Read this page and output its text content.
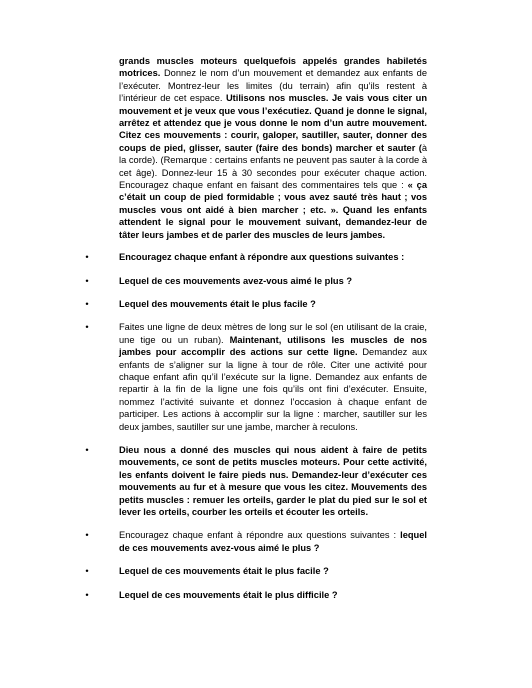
grands muscles moteurs quelquefois appelés grandes habiletés motrices. Donnez le nom d’un mouvement et demandez aux enfants de l’exécuter. Montrez-leur les limites (du terrain) afin qu’ils restent à l’intérieur de cet espace. Utilisons nos muscles. Je vais vous citer un mouvement et je veux que vous l’exécutiez. Quand je donne le signal, arrêtez et attendez que je vous donne le nom d’un autre mouvement. Citez ces mouvements : courir, galoper, sautiller, sauter, donner des coups de pied, glisser, sauter (faire des bonds) marcher et sauter (à la corde). (Remarque : certains enfants ne peuvent pas sauter à la corde à cet âge). Donnez-leur 15 à 30 secondes pour exécuter chaque action. Encouragez chaque enfant en faisant des commentaires tels que : « ça c’était un coup de pied formidable ; vous avez sauté très haut ; vos muscles vous ont aidé à bien marcher ; etc. ». Quand les enfants attendent le signal pour le mouvement suivant, demandez-leur de tâter leurs jambes et de parler des muscles de leurs jambes.

•	Encouragez chaque enfant à répondre aux questions suivantes :
•	Lequel de ces mouvements avez-vous aimé le plus ?
•	Lequel des mouvements était le plus facile ?
•	Faites une ligne de deux mètres de long sur le sol (en utilisant de la craie, une tige ou un ruban). Maintenant, utilisons les muscles de nos jambes pour accomplir des actions sur cette ligne. Demandez aux enfants de s’aligner sur la ligne à tour de rôle. Citer une activité pour chaque enfant afin qu’il l’exécute sur la ligne. Demandez aux enfants de repartir à la fin de la ligne une fois qu’ils ont fini d’exécuter. Ensuite, nommez l’activité suivante et donnez l’occasion à chaque enfant de participer. Les actions à accomplir sur la ligne : marcher, sautiller sur les deux jambes, sautiller sur une jambe, marcher à reculons.
•	Dieu nous a donné des muscles qui nous aident à faire de petits mouvements, ce sont de petits muscles moteurs. Pour cette activité, les enfants doivent le faire pieds nus. Demandez-leur d’exécuter ces mouvements au fur et à mesure que vous les citez. Mouvements des petits muscles : remuer les orteils, garder le plat du pied sur le sol et lever les orteils, courber les orteils et écouter les orteils.
•	Encouragez chaque enfant à répondre aux questions suivantes : lequel de ces mouvements avez-vous aimé le plus ?
•	Lequel de ces mouvements était le plus facile ?
•	Lequel de ces mouvements était le plus difficile ?
